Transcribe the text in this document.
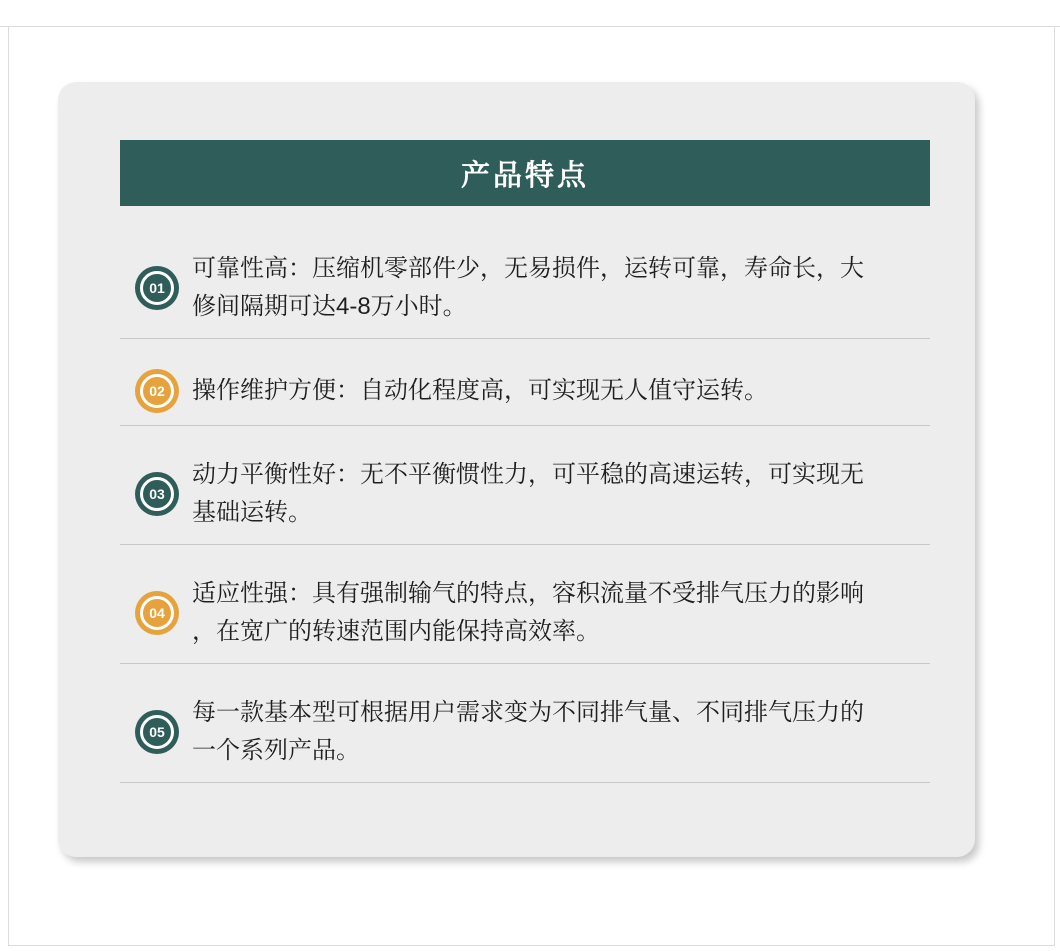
产品特点
01
可靠性高：压缩机零部件少，无易损件，运转可靠，寿命长，大修间隔期可达4-8万小时。
02 操作维护方便：自动化程度高，可实现无人值守运转。
03
动力平衡性好：无不平衡惯性力，可平稳的高速运转，可实现无基础运转。
04
适应性强：具有强制输气的特点，容积流量不受排气压力的影响，在宽广的转速范围内能保持高效率。
05
每一款基本型可根据用户需求变为不同排气量、不同排气压力的一个系列产品。
